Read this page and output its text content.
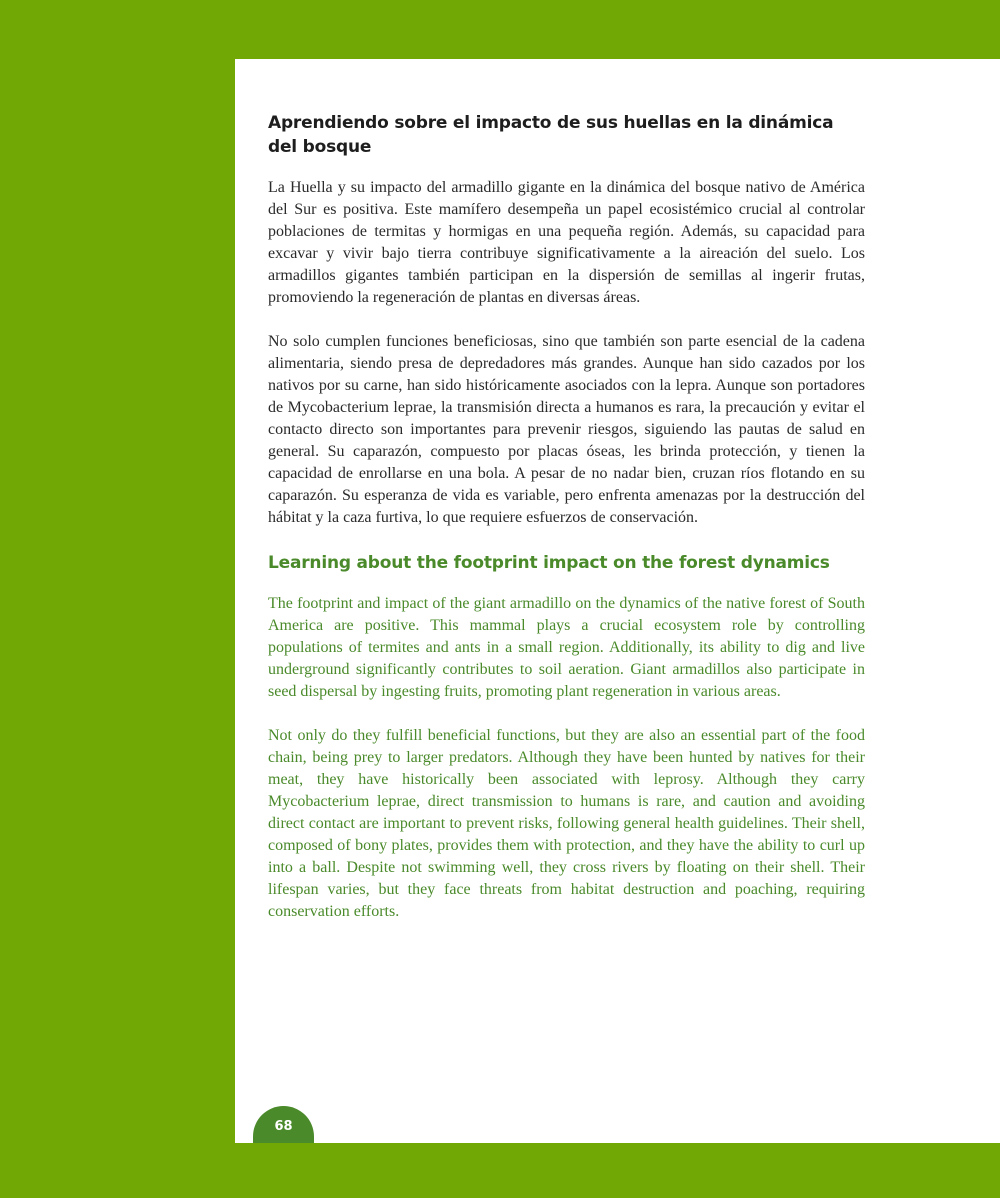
Aprendiendo sobre el impacto de sus huellas en la dinámica del bosque

La Huella y su impacto del armadillo gigante en la dinámica del bosque nativo de América del Sur es positiva. Este mamífero desempeña un papel ecosistémico crucial al controlar poblaciones de termitas y hormigas en una pequeña región. Además, su capacidad para excavar y vivir bajo tierra contribuye significativamente a la aireación del suelo. Los armadillos gigantes también participan en la dispersión de semillas al ingerir frutas, promoviendo la regeneración de plantas en diversas áreas.

No solo cumplen funciones beneficiosas, sino que también son parte esencial de la cadena alimentaria, siendo presa de depredadores más grandes. Aunque han sido cazados por los nativos por su carne, han sido históricamente asociados con la lepra. Aunque son portadores de Mycobacterium leprae, la transmisión directa a humanos es rara, la precaución y evitar el contacto directo son importantes para prevenir riesgos, siguiendo las pautas de salud en general. Su caparazón, compuesto por placas óseas, les brinda protección, y tienen la capacidad de enrollarse en una bola. A pesar de no nadar bien, cruzan ríos flotando en su caparazón. Su esperanza de vida es variable, pero enfrenta amenazas por la destrucción del hábitat y la caza furtiva, lo que requiere esfuerzos de conservación.

Learning about the footprint impact on the forest dynamics

The footprint and impact of the giant armadillo on the dynamics of the native forest of South America are positive. This mammal plays a crucial ecosystem role by controlling populations of termites and ants in a small region. Additionally, its ability to dig and live underground significantly contributes to soil aeration. Giant armadillos also participate in seed dispersal by ingesting fruits, promoting plant regeneration in various areas.

Not only do they fulfill beneficial functions, but they are also an essential part of the food chain, being prey to larger predators. Although they have been hunted by natives for their meat, they have historically been associated with leprosy. Although they carry Mycobacterium leprae, direct transmission to humans is rare, and caution and avoiding direct contact are important to prevent risks, following general health guidelines. Their shell, composed of bony plates, provides them with protection, and they have the ability to curl up into a ball. Despite not swimming well, they cross rivers by floating on their shell. Their lifespan varies, but they face threats from habitat destruction and poaching, requiring conservation efforts.

68
